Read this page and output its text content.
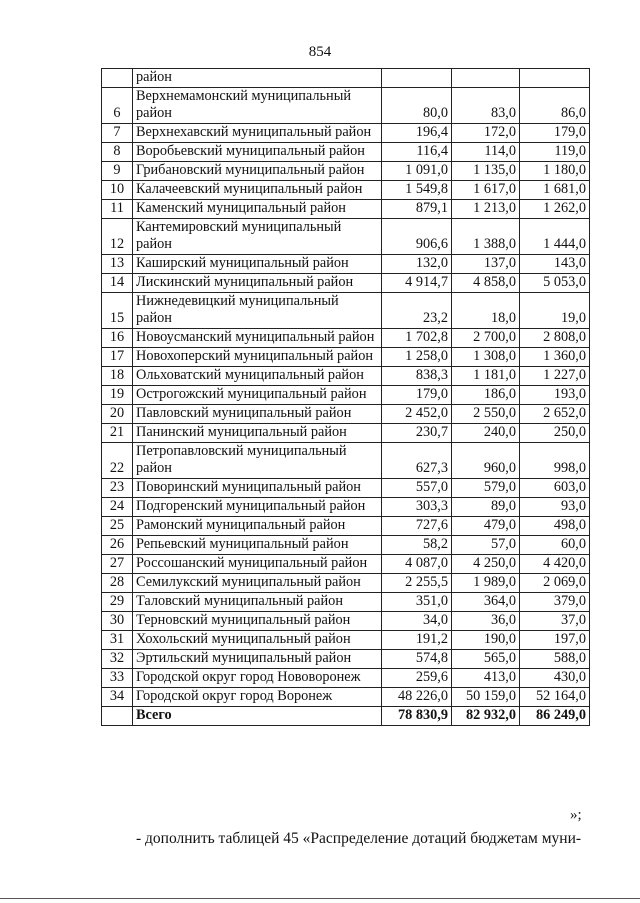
854
	район			
6	Верхнемамонский муниципальный район	80,0	83,0	86,0
7	Верхнехавский муниципальный район	196,4	172,0	179,0
8	Воробьевский муниципальный район	116,4	114,0	119,0
9	Грибановский муниципальный район	1 091,0	1 135,0	1 180,0
10	Калачеевский муниципальный район	1 549,8	1 617,0	1 681,0
11	Каменский муниципальный район	879,1	1 213,0	1 262,0
12	Кантемировский муниципальный район	906,6	1 388,0	1 444,0
13	Каширский муниципальный район	132,0	137,0	143,0
14	Лискинский муниципальный район	4 914,7	4 858,0	5 053,0
15	Нижнедевицкий муниципальный район	23,2	18,0	19,0
16	Новоусманский муниципальный район	1 702,8	2 700,0	2 808,0
17	Новохоперский муниципальный район	1 258,0	1 308,0	1 360,0
18	Ольховатский муниципальный район	838,3	1 181,0	1 227,0
19	Острогожский муниципальный район	179,0	186,0	193,0
20	Павловский муниципальный район	2 452,0	2 550,0	2 652,0
21	Панинский муниципальный район	230,7	240,0	250,0
22	Петропавловский муниципальный район	627,3	960,0	998,0
23	Поворинский муниципальный район	557,0	579,0	603,0
24	Подгоренский муниципальный район	303,3	89,0	93,0
25	Рамонский муниципальный район	727,6	479,0	498,0
26	Репьевский муниципальный район	58,2	57,0	60,0
27	Россошанский муниципальный район	4 087,0	4 250,0	4 420,0
28	Семилукский муниципальный район	2 255,5	1 989,0	2 069,0
29	Таловский муниципальный район	351,0	364,0	379,0
30	Терновский муниципальный район	34,0	36,0	37,0
31	Хохольский муниципальный район	191,2	190,0	197,0
32	Эртильский муниципальный район	574,8	565,0	588,0
33	Городской округ город Нововоронеж	259,6	413,0	430,0
34	Городской округ город Воронеж	48 226,0	50 159,0	52 164,0
	Всего	78 830,9	82 932,0	86 249,0
»;
- дополнить таблицей 45 «Распределение дотаций бюджетам муни-
